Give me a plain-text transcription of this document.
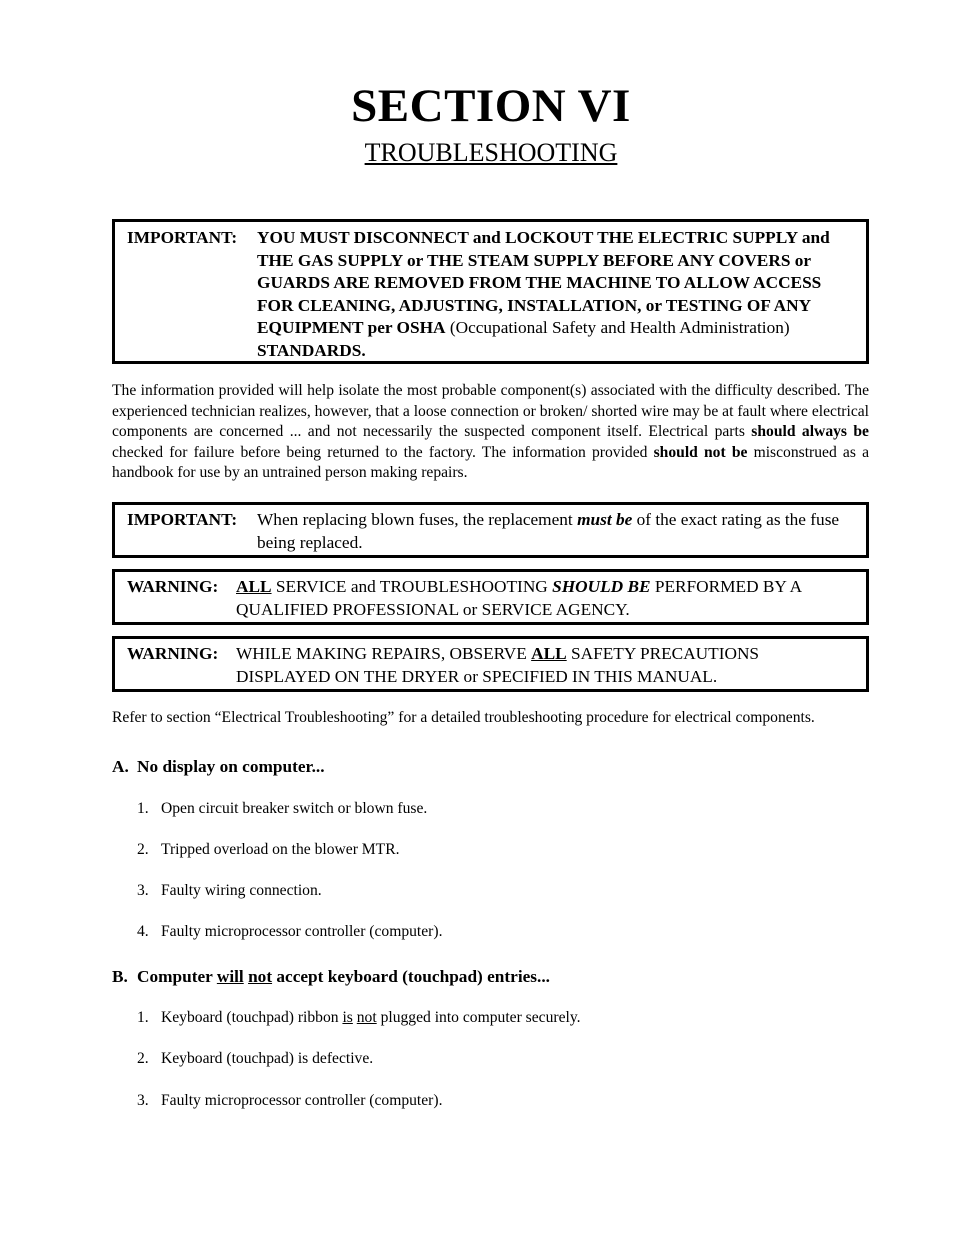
SECTION VI
TROUBLESHOOTING
IMPORTANT:	YOU MUST DISCONNECT and LOCKOUT THE ELECTRIC SUPPLY and THE GAS SUPPLY or THE STEAM SUPPLY BEFORE ANY COVERS or GUARDS ARE REMOVED FROM THE MACHINE TO ALLOW ACCESS FOR CLEANING, ADJUSTING, INSTALLATION, or TESTING OF ANY EQUIPMENT per OSHA (Occupational Safety and Health Administration) STANDARDS.
The information provided will help isolate the most probable component(s) associated with the difficulty described. The experienced technician realizes, however, that a loose connection or broken/ shorted wire may be at fault where electrical components are concerned ... and not necessarily the suspected component itself. Electrical parts should always be checked for failure before being returned to the factory. The information provided should not be misconstrued as a handbook for use by an untrained person making repairs.
IMPORTANT:	When replacing blown fuses, the replacement must be of the exact rating as the fuse being replaced.
WARNING:	ALL SERVICE and TROUBLESHOOTING SHOULD BE PERFORMED BY A QUALIFIED PROFESSIONAL or SERVICE AGENCY.
WARNING:	WHILE MAKING REPAIRS, OBSERVE ALL SAFETY PRECAUTIONS DISPLAYED ON THE DRYER or SPECIFIED IN THIS MANUAL.
Refer to section “Electrical Troubleshooting” for a detailed troubleshooting procedure for electrical components.
A. No display on computer...
1. Open circuit breaker switch or blown fuse.
2. Tripped overload on the blower MTR.
3. Faulty wiring connection.
4. Faulty microprocessor controller (computer).
B. Computer will not accept keyboard (touchpad) entries...
1. Keyboard (touchpad) ribbon is not plugged into computer securely.
2. Keyboard (touchpad) is defective.
3. Faulty microprocessor controller (computer).
